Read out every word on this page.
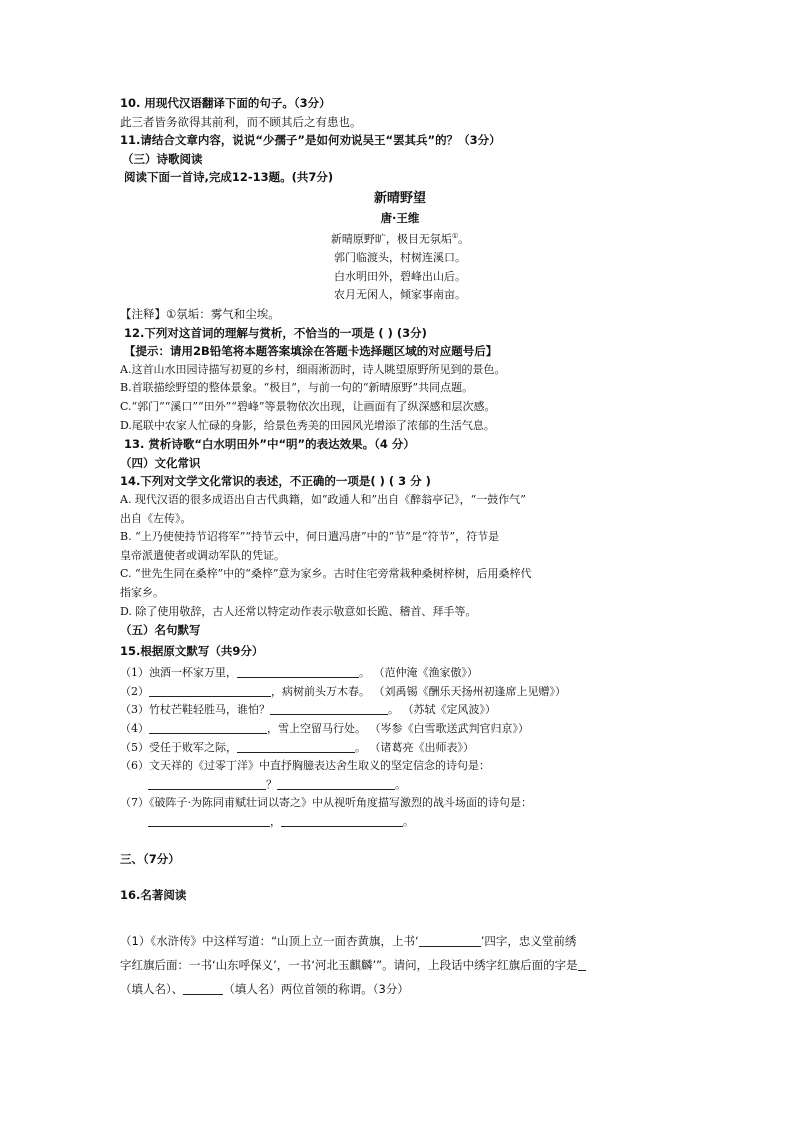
10. 用现代汉语翻译下面的句子。（3分）
此三者皆务欲得其前利，而不顾其后之有患也。
11.请结合文章内容，说说“少孺子”是如何劝说吴王“罢其兵”的？（3分）
（三）诗歌阅读
阅读下面一首诗,完成12-13题。(共7分)
新晴野望
唐·王维
新晴原野旷，极目无氛垢①。
郭门临渡头，村树连溪口。
白水明田外，碧峰出山后。
农月无闲人，倾家事南亩。
【注释】①氛垢：雾气和尘埃。
12.下列对这首词的理解与赏析，不恰当的一项是 ( ) (3分)
【提示：请用2B铅笔将本题答案填涂在答题卡选择题区域的对应题号后】
A.这首山水田园诗描写初夏的乡村，细雨淅沥时，诗人眺望原野所见到的景色。
B.首联描绘野望的整体景象。“极目”，与前一句的“新晴原野”共同点题。
C.“郭门”“溪口”“田外”“碧峰”等景物依次出现，让画面有了纵深感和层次感。
D.尾联中农家人忙碌的身影，给景色秀美的田园风光增添了浓郁的生活气息。
13. 赏析诗歌“白水明田外”中“明”的表达效果。（4 分）
（四）文化常识
14.下列对文学文化常识的表述，不正确的一项是( ) ( 3 分 )
A. 现代汉语的很多成语出自古代典籍，如“政通人和”出自《醉翁亭记》，“一鼓作气”
出自《左传》。
B. “上乃使使持节诏将军”“持节云中，何日遣冯唐”中的“节”是“符节”，符节是
皇帝派遣使者或调动军队的凭证。
C. “世先生同在桑梓”中的“桑梓”意为家乡。古时住宅旁常栽种桑树梓树，后用桑梓代
指家乡。
D. 除了使用敬辞，古人还常以特定动作表示敬意如长跪、稽首、拜手等。
（五）名句默写
15.根据原文默写（共9分）
（1）浊酒一杯家万里，	。 （范仲淹《渔家傲》）
（2）	，病树前头万木春。 （刘禹锡《酬乐天扬州初逢席上见赠》）
（3）竹杖芒鞋轻胜马，谁怕？	。 （苏轼《定风波》）
（4）	，雪上空留马行处。 （岑参《白雪歌送武判官归京》）
（5）受任于败军之际，	。 （诸葛亮《出师表》）
（6）文天祥的《过零丁洋》中直抒胸臆表达舍生取义的坚定信念的诗句是：
？	。
（7）《破阵子·为陈同甫赋壮词以寄之》中从视听角度描写激烈的战斗场面的诗句是：
，	。
三、（7分）
16.名著阅读
（1）《水浒传》中这样写道：“山顶上立一面杏黄旗，上书‘	’四字，忠义堂前绣
字红旗后面：一书‘山东呼保义’，一书‘河北玉麒麟’”。请问，上段话中绣字红旗后面的字是
（填人名）、	（填人名）两位首领的称谓。（3分）
